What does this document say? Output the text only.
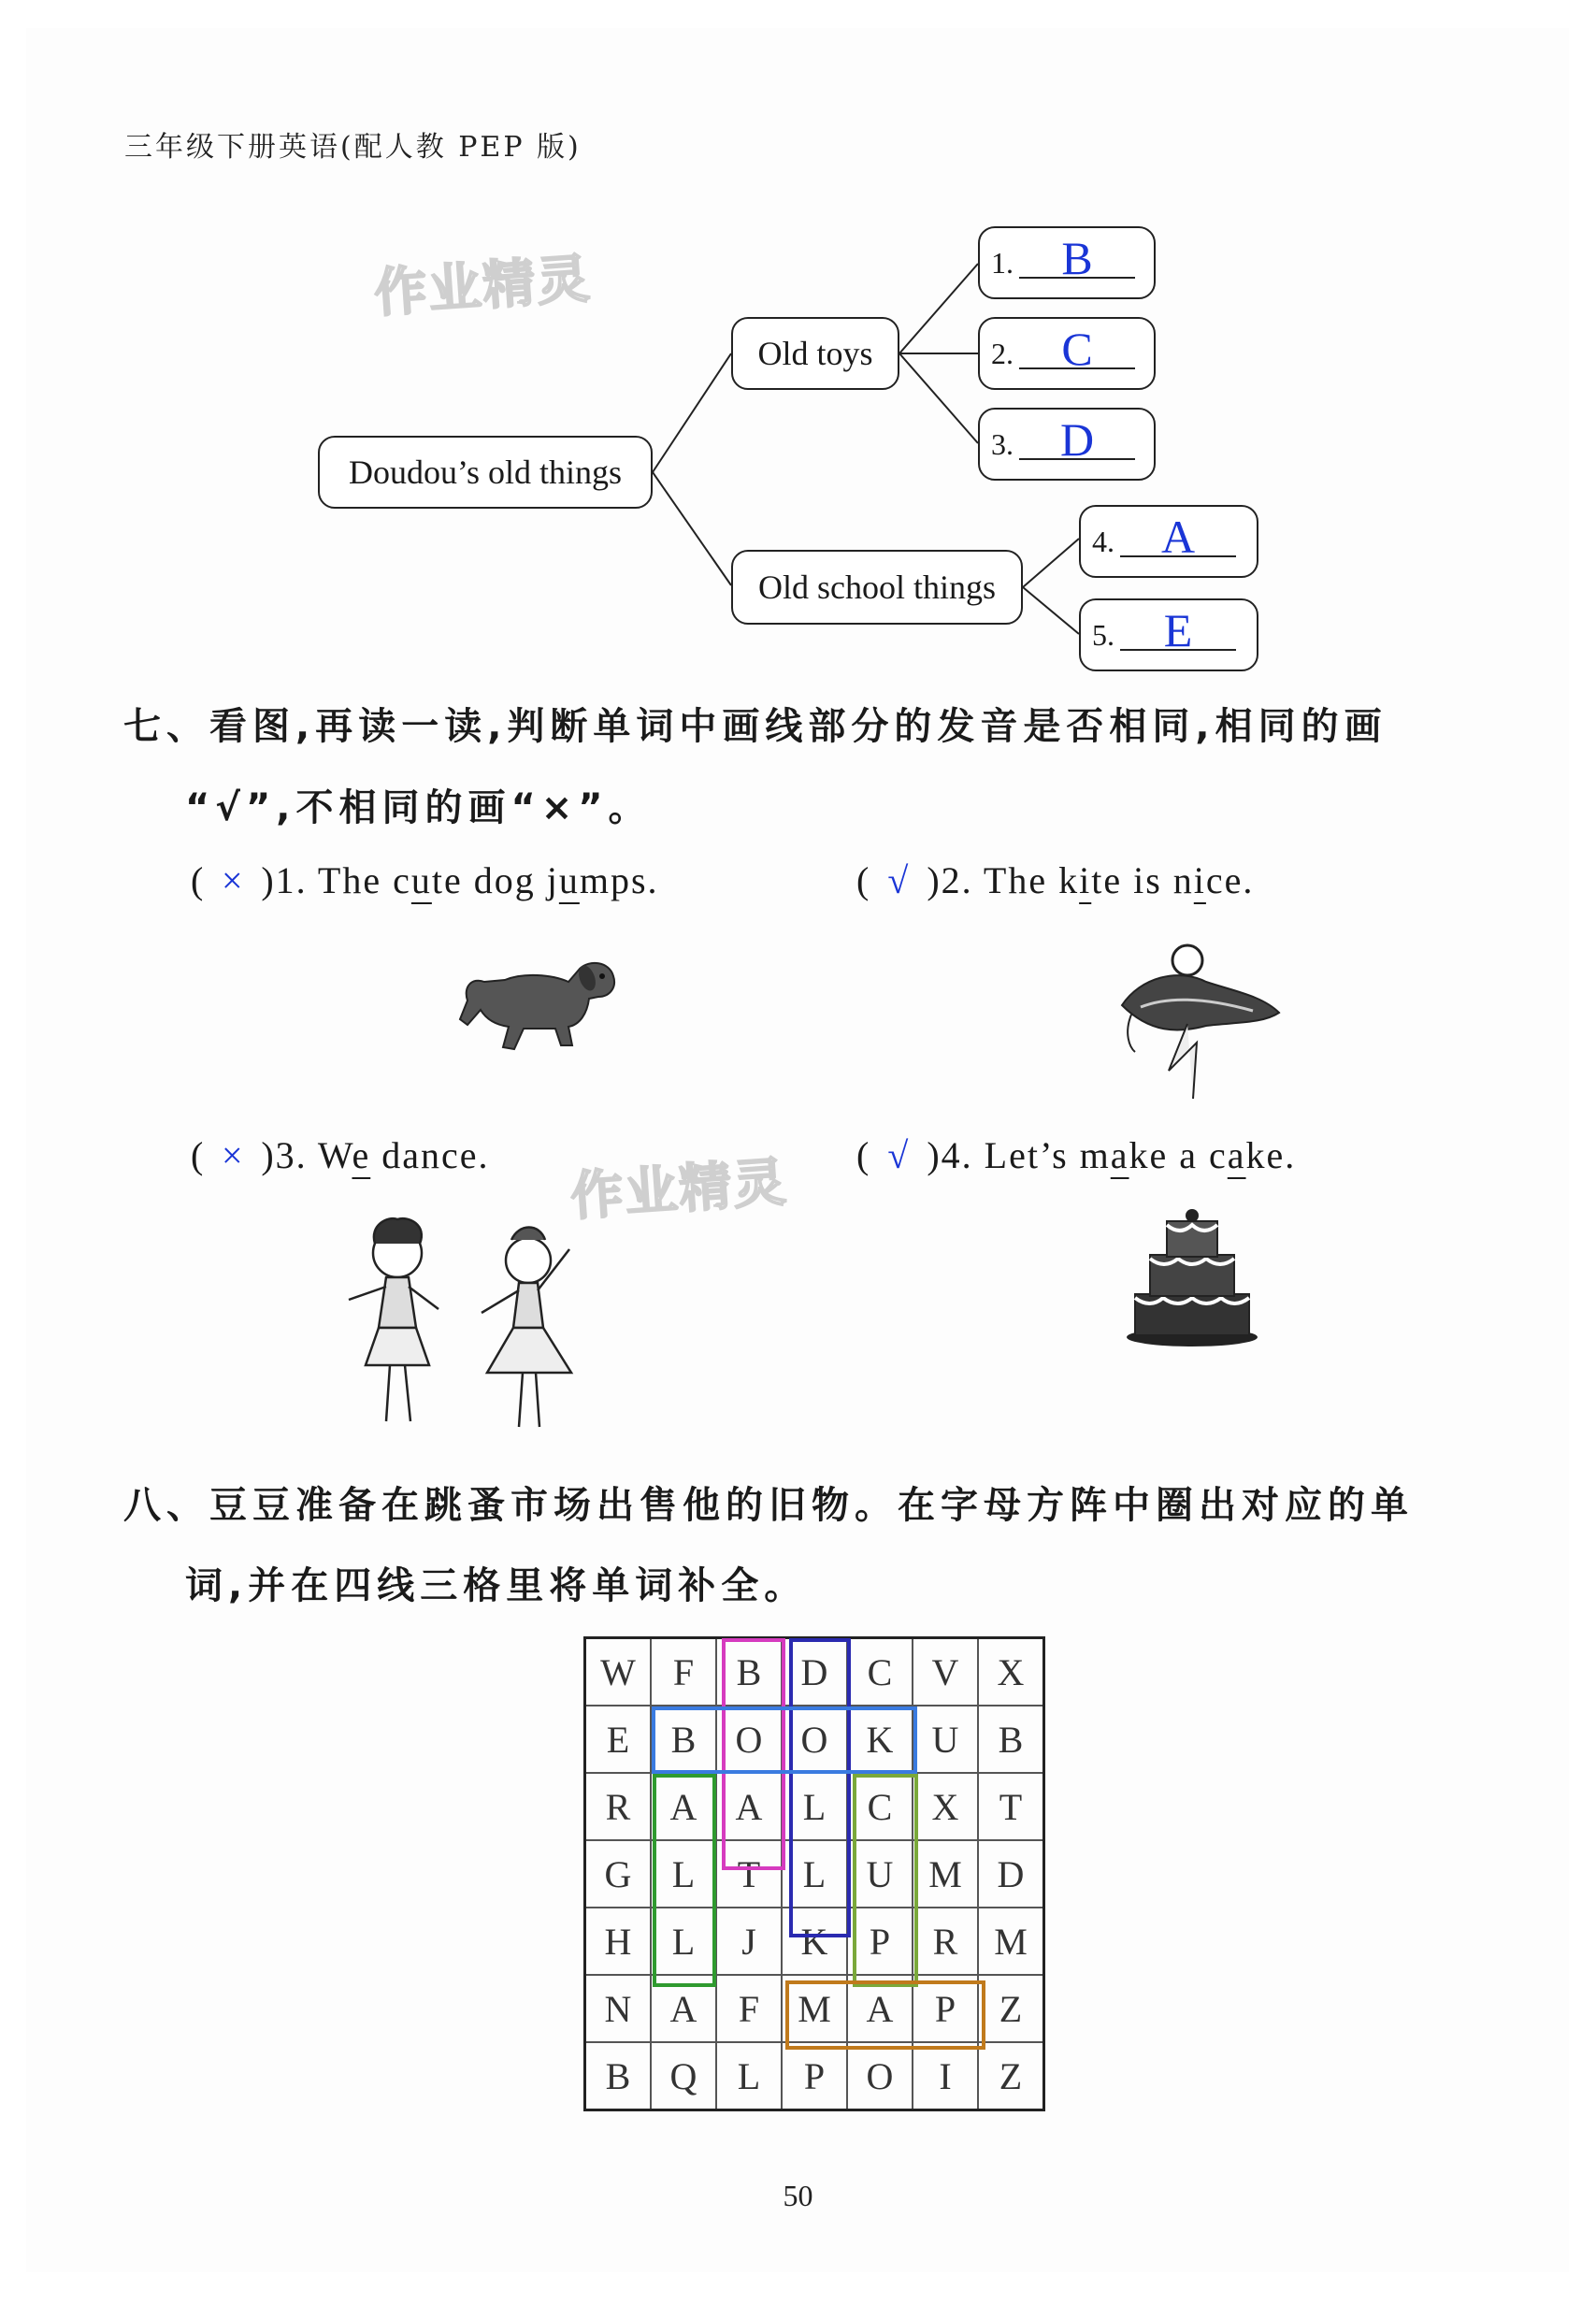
三年级下册英语(配人教 PEP 版)
作业精灵
作业精灵
Doudou’s old things
Old toys
Old school things
1.	B
2.	C
3. D
4. A
5.	E
七、看图,再读一读,判断单词中画线部分的发音是否相同,相同的画
“√”,不相同的画“×”。
( × )1. The cute dog jumps.	( √ )2. The kite is nice.
( × )3. We dance.	( √ )4. Let’s make a cake.
八、豆豆准备在跳蚤市场出售他的旧物。在字母方阵中圈出对应的单
词,并在四线三格里将单词补全。
W	F	B	D	C	V	X
E	B	O	O	K	U	B
R	A	A	L	C	X	T
G	L	T	L	U	M	D
H	L	J	K	P	R	M
N	A	F	M	A	P	Z
B	Q	L	P	O	I	Z
50
